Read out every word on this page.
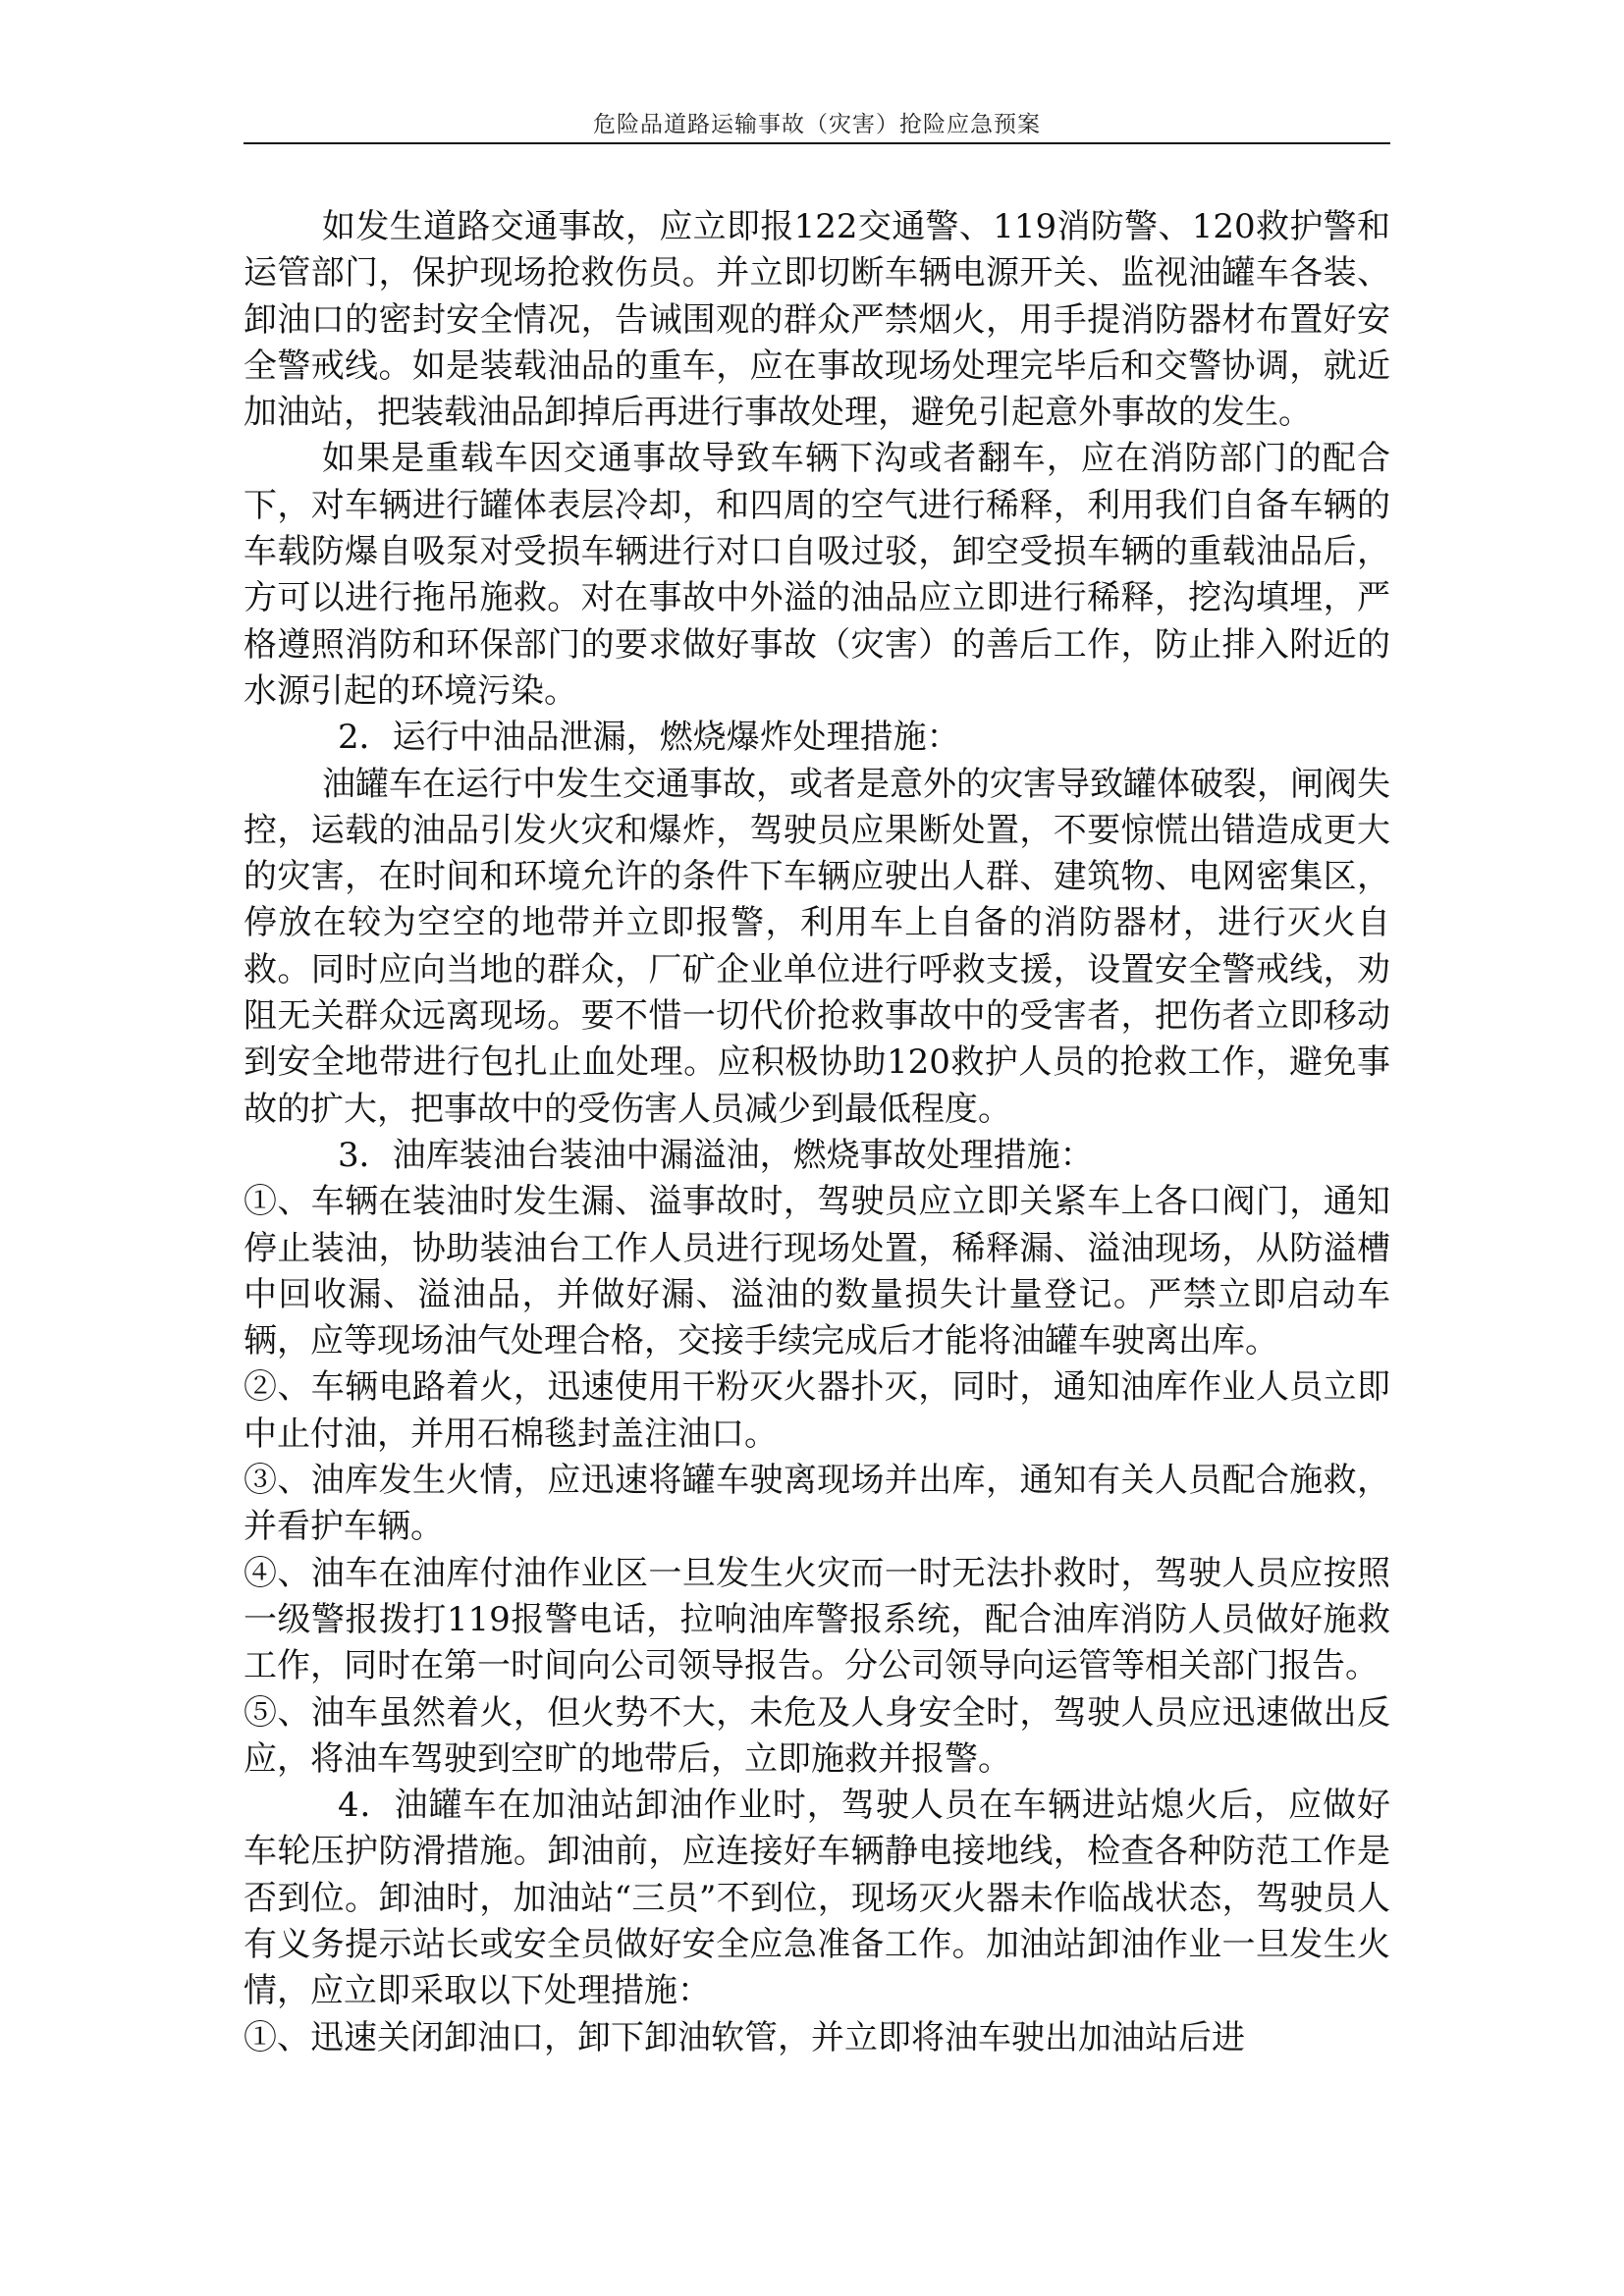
危险品道路运输事故（灾害）抢险应急预案

如发生道路交通事故，应立即报122交通警、119消防警、120救护警和运管部门，保护现场抢救伤员。并立即切断车辆电源开关、监视油罐车各装、卸油口的密封安全情况，告诫围观的群众严禁烟火，用手提消防器材布置好安全警戒线。如是装载油品的重车，应在事故现场处理完毕后和交警协调，就近加油站，把装载油品卸掉后再进行事故处理，避免引起意外事故的发生。

如果是重载车因交通事故导致车辆下沟或者翻车，应在消防部门的配合下，对车辆进行罐体表层冷却，和四周的空气进行稀释，利用我们自备车辆的车载防爆自吸泵对受损车辆进行对口自吸过驳，卸空受损车辆的重载油品后，方可以进行拖吊施救。对在事故中外溢的油品应立即进行稀释，挖沟填埋，严格遵照消防和环保部门的要求做好事故（灾害）的善后工作，防止排入附近的水源引起的环境污染。

2．运行中油品泄漏，燃烧爆炸处理措施：

油罐车在运行中发生交通事故，或者是意外的灾害导致罐体破裂，闸阀失控，运载的油品引发火灾和爆炸，驾驶员应果断处置，不要惊慌出错造成更大的灾害，在时间和环境允许的条件下车辆应驶出人群、建筑物、电网密集区，停放在较为空空的地带并立即报警，利用车上自备的消防器材，进行灭火自救。同时应向当地的群众，厂矿企业单位进行呼救支援，设置安全警戒线，劝阻无关群众远离现场。要不惜一切代价抢救事故中的受害者，把伤者立即移动到安全地带进行包扎止血处理。应积极协助120救护人员的抢救工作，避免事故的扩大，把事故中的受伤害人员减少到最低程度。

3．油库装油台装油中漏溢油，燃烧事故处理措施：

①、车辆在装油时发生漏、溢事故时，驾驶员应立即关紧车上各口阀门，通知停止装油，协助装油台工作人员进行现场处置，稀释漏、溢油现场，从防溢槽中回收漏、溢油品，并做好漏、溢油的数量损失计量登记。严禁立即启动车辆，应等现场油气处理合格，交接手续完成后才能将油罐车驶离出库。

②、车辆电路着火，迅速使用干粉灭火器扑灭，同时，通知油库作业人员立即中止付油，并用石棉毯封盖注油口。

③、油库发生火情，应迅速将罐车驶离现场并出库，通知有关人员配合施救，并看护车辆。

④、油车在油库付油作业区一旦发生火灾而一时无法扑救时，驾驶人员应按照一级警报拨打119报警电话，拉响油库警报系统，配合油库消防人员做好施救工作，同时在第一时间向公司领导报告。分公司领导向运管等相关部门报告。

⑤、油车虽然着火，但火势不大，未危及人身安全时，驾驶人员应迅速做出反应，将油车驾驶到空旷的地带后，立即施救并报警。

4．油罐车在加油站卸油作业时，驾驶人员在车辆进站熄火后，应做好车轮压护防滑措施。卸油前，应连接好车辆静电接地线，检查各种防范工作是否到位。卸油时，加油站“三员”不到位，现场灭火器未作临战状态，驾驶员人有义务提示站长或安全员做好安全应急准备工作。加油站卸油作业一旦发生火情，应立即采取以下处理措施：

①、迅速关闭卸油口，卸下卸油软管，并立即将油车驶出加油站后进
